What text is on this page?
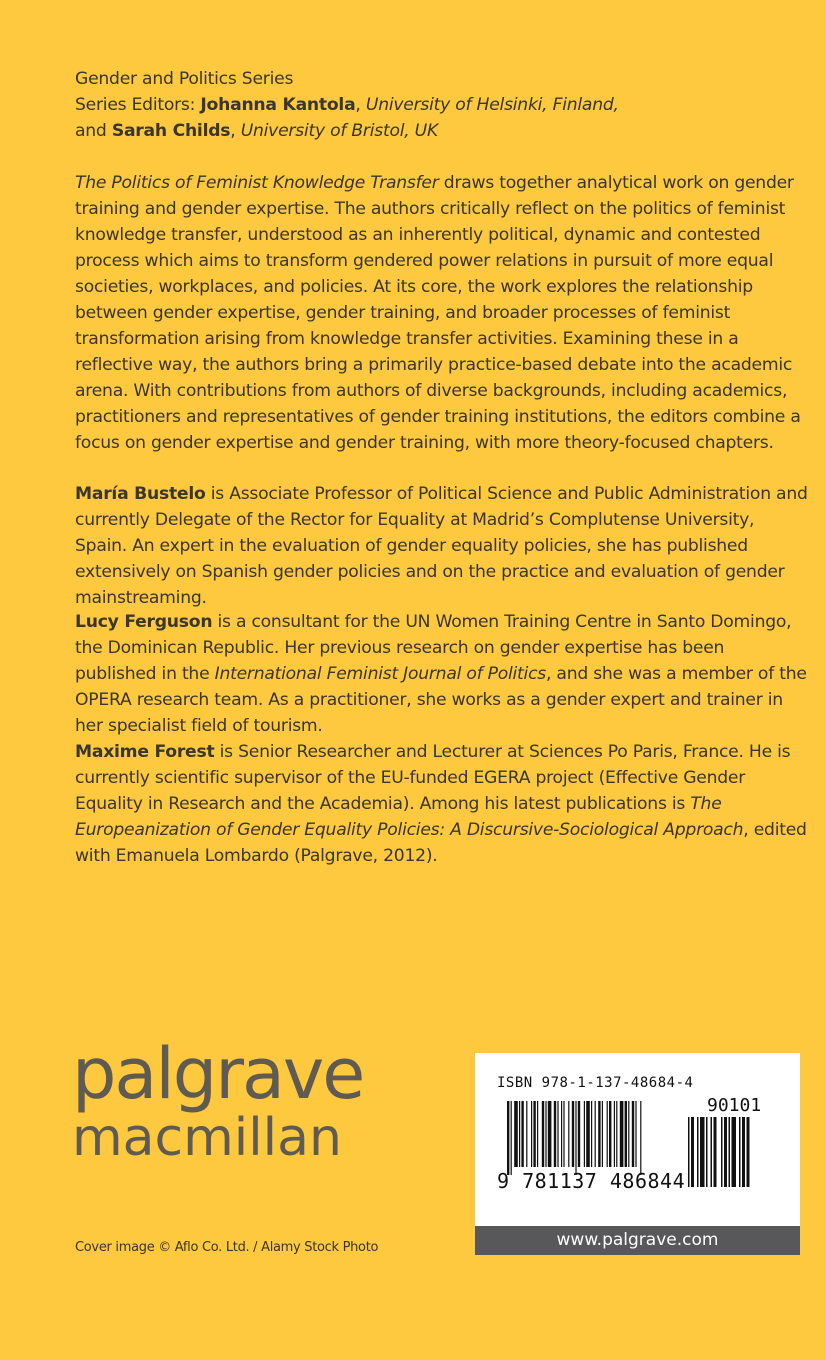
Gender and Politics Series
Series Editors: Johanna Kantola, University of Helsinki, Finland,
and Sarah Childs, University of Bristol, UK
The Politics of Feminist Knowledge Transfer draws together analytical work on gender training and gender expertise. The authors critically reflect on the politics of feminist knowledge transfer, understood as an inherently political, dynamic and contested process which aims to transform gendered power relations in pursuit of more equal societies, workplaces, and policies. At its core, the work explores the relationship between gender expertise, gender training, and broader processes of feminist transformation arising from knowledge transfer activities. Examining these in a reflective way, the authors bring a primarily practice-based debate into the academic arena. With contributions from authors of diverse backgrounds, including academics, practitioners and representatives of gender training institutions, the editors combine a focus on gender expertise and gender training, with more theory-focused chapters.
María Bustelo is Associate Professor of Political Science and Public Administration and currently Delegate of the Rector for Equality at Madrid’s Complutense University, Spain. An expert in the evaluation of gender equality policies, she has published extensively on Spanish gender policies and on the practice and evaluation of gender mainstreaming.
Lucy Ferguson is a consultant for the UN Women Training Centre in Santo Domingo, the Dominican Republic. Her previous research on gender expertise has been published in the International Feminist Journal of Politics, and she was a member of the OPERA research team. As a practitioner, she works as a gender expert and trainer in her specialist field of tourism.
Maxime Forest is Senior Researcher and Lecturer at Sciences Po Paris, France. He is currently scientific supervisor of the EU-funded EGERA project (Effective Gender Equality in Research and the Academia). Among his latest publications is The Europeanization of Gender Equality Policies: A Discursive-Sociological Approach, edited with Emanuela Lombardo (Palgrave, 2012).
palgrave
macmillan
Cover image © Aflo Co. Ltd. / Alamy Stock Photo
ISBN 978-1-137-48684-4
90101
9 781137 486844
www.palgrave.com
